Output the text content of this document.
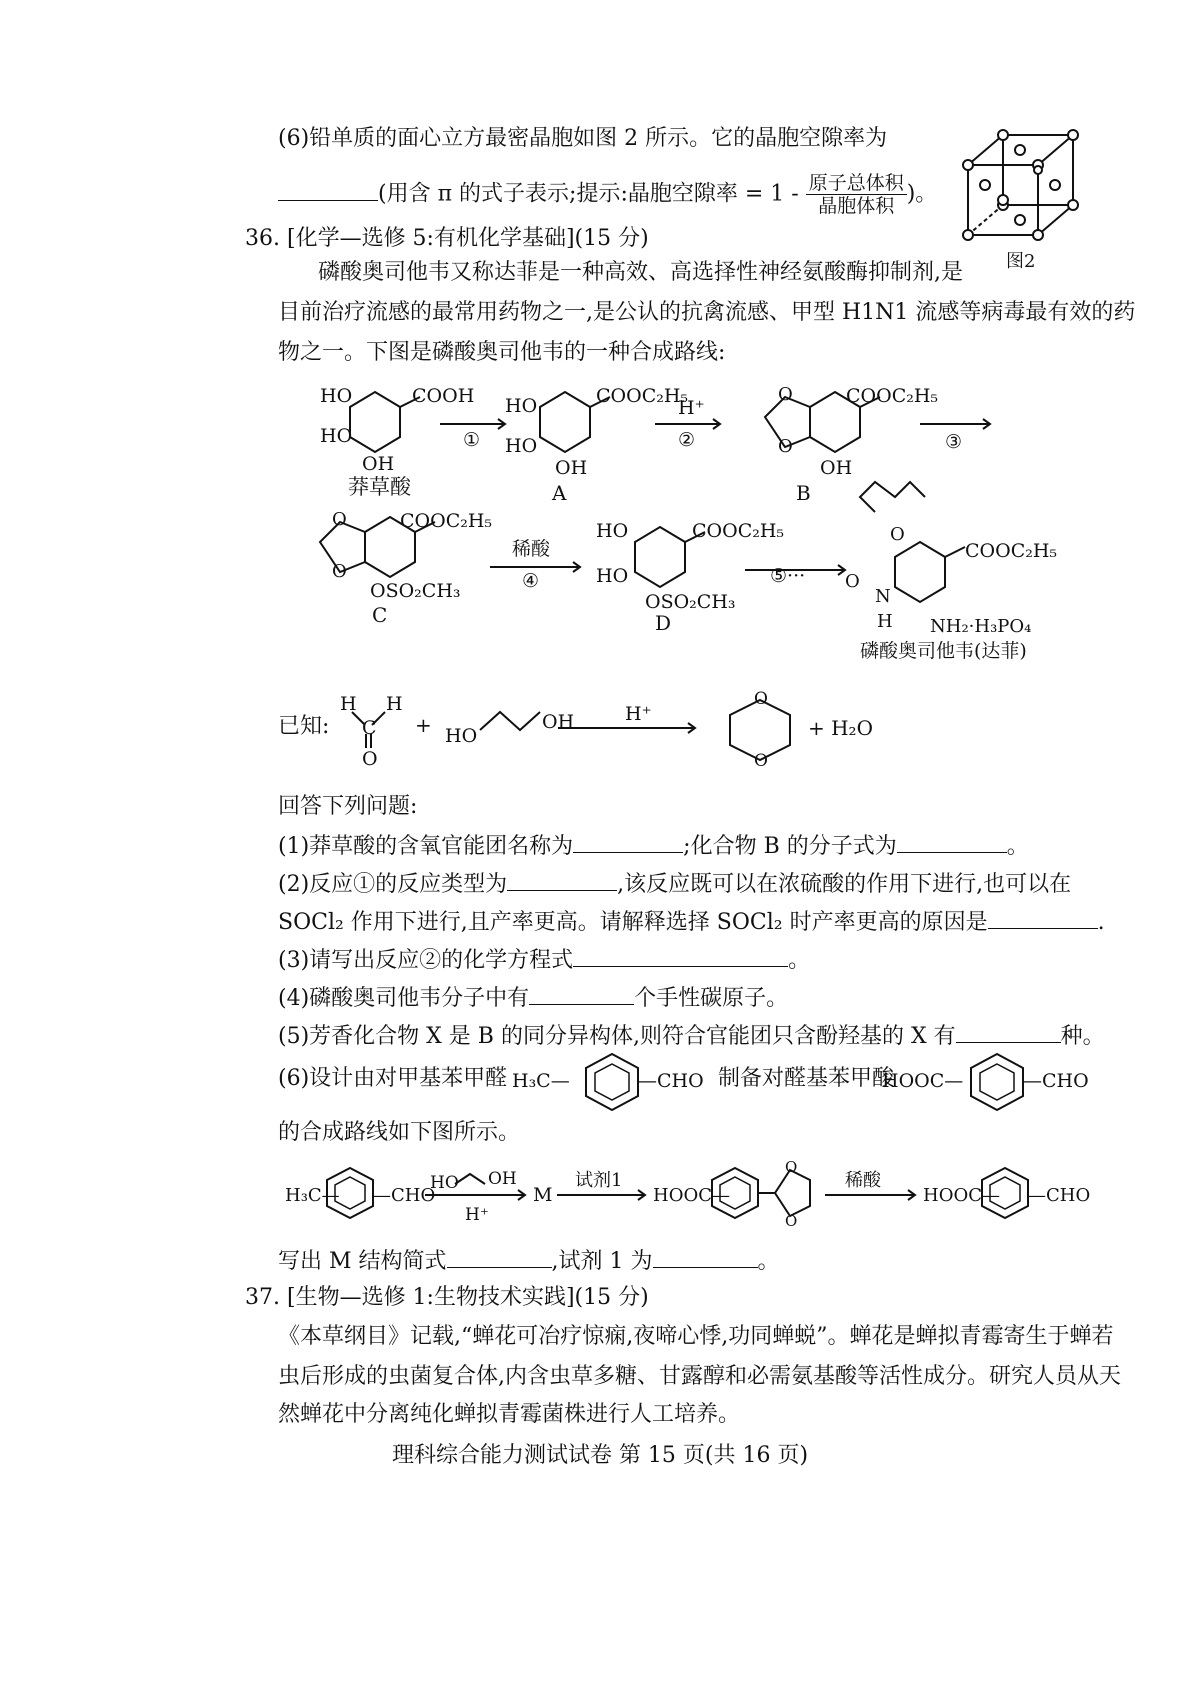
(6)铅单质的面心立方最密晶胞如图 2 所示。它的晶胞空隙率为
(用含 π 的式子表示;提示:晶胞空隙率 = $1 - \frac{\text{原子总体积}}{\text{晶胞体积}}$ )。
图2
36. [化学—选修 5:有机化学基础](15 分)
磷酸奥司他韦又称达菲是一种高效、高选择性神经氨酸酶抑制剂,是
目前治疗流感的最常用药物之一,是公认的抗禽流感、甲型 H1N1 流感等病毒最有效的药
物之一。下图是磷酸奥司他韦的一种合成路线:
HO	COOH
HO
OH
莽草酸
①
HO	COOC₂H₅
HO
OH
A
H⁺
②
O
O
COOC₂H₅
OH
B
③
O
O
COOC₂H₅
OSO₂CH₃
C
稀酸
④
HO	COOC₂H₅
HO
OSO₂CH₃
D
⑤···
O
COOC₂H₅
N
H
O
NH₂·H₃PO₄
磷酸奥司他韦(达菲)
已知:
H H
C
O
+ HO
OH	H⁺
O
O
+ H₂O
回答下列问题:
(1)莽草酸的含氧官能团名称为	;化合物 B 的分子式为	。
(2)反应①的反应类型为	,该反应既可以在浓硫酸的作用下进行,也可以在
SOCl₂ 作用下进行,且产率更高。请解释选择 SOCl₂ 时产率更高的原因是	.
(3)请写出反应②的化学方程式	。
(4)磷酸奥司他韦分子中有	个手性碳原子。
(5)芳香化合物 X 是 B 的同分异构体,则符合官能团只含酚羟基的 X 有	种。
(6)设计由对甲基苯甲醛 H₃C—	—CHO 制备对醛基苯甲酸
HOOC—	—CHO
的合成路线如下图所示。
H₃C— —CHO
HO OH
H⁺
M
试剂1
HOOC—
O
O
稀酸
HOOC— —CHO
写出 M 结构简式	,试剂 1 为	。
37. [生物—选修 1:生物技术实践](15 分)
《本草纲目》记载,“蝉花可冶疗惊痫,夜啼心悸,功同蝉蜕”。蝉花是蝉拟青霉寄生于蝉若
虫后形成的虫菌复合体,内含虫草多糖、甘露醇和必需氨基酸等活性成分。研究人员从天
然蝉花中分离纯化蝉拟青霉菌株进行人工培养。
理科综合能力测试试卷 第 15 页(共 16 页)
